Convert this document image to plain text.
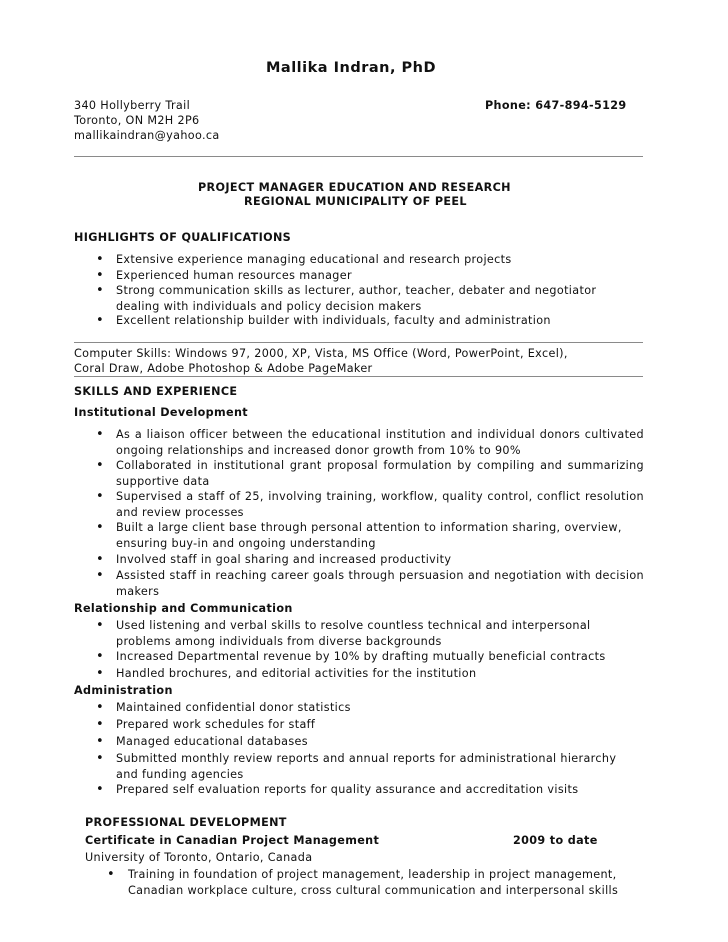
Mallika Indran, PhD
340 Hollyberry Trail	Phone: 647-894-5129
Toronto, ON M2H 2P6
mallikaindran@yahoo.ca
PROJECT MANAGER EDUCATION AND RESEARCH
REGIONAL MUNICIPALITY OF PEEL
HIGHLIGHTS OF QUALIFICATIONS
• Extensive experience managing educational and research projects
• Experienced human resources manager
• Strong communication skills as lecturer, author, teacher, debater and negotiator dealing with individuals and policy decision makers
• Excellent relationship builder with individuals, faculty and administration
Computer Skills: Windows 97, 2000, XP, Vista, MS Office (Word, PowerPoint, Excel),
Coral Draw, Adobe Photoshop & Adobe PageMaker
SKILLS AND EXPERIENCE
Institutional Development
• As a liaison officer between the educational institution and individual donors cultivated ongoing relationships and increased donor growth from 10% to 90%
• Collaborated in institutional grant proposal formulation by compiling and summarizing supportive data
• Supervised a staff of 25, involving training, workflow, quality control, conflict resolution and review processes
• Built a large client base through personal attention to information sharing, overview, ensuring buy-in and ongoing understanding
• Involved staff in goal sharing and increased productivity
• Assisted staff in reaching career goals through persuasion and negotiation with decision makers
Relationship and Communication
• Used listening and verbal skills to resolve countless technical and interpersonal problems among individuals from diverse backgrounds
• Increased Departmental revenue by 10% by drafting mutually beneficial contracts
• Handled brochures, and editorial activities for the institution
Administration
• Maintained confidential donor statistics
• Prepared work schedules for staff
• Managed educational databases
• Submitted monthly review reports and annual reports for administrational hierarchy and funding agencies
• Prepared self evaluation reports for quality assurance and accreditation visits
PROFESSIONAL DEVELOPMENT
Certificate in Canadian Project Management	2009 to date
University of Toronto, Ontario, Canada
• Training in foundation of project management, leadership in project management, Canadian workplace culture, cross cultural communication and interpersonal skills
